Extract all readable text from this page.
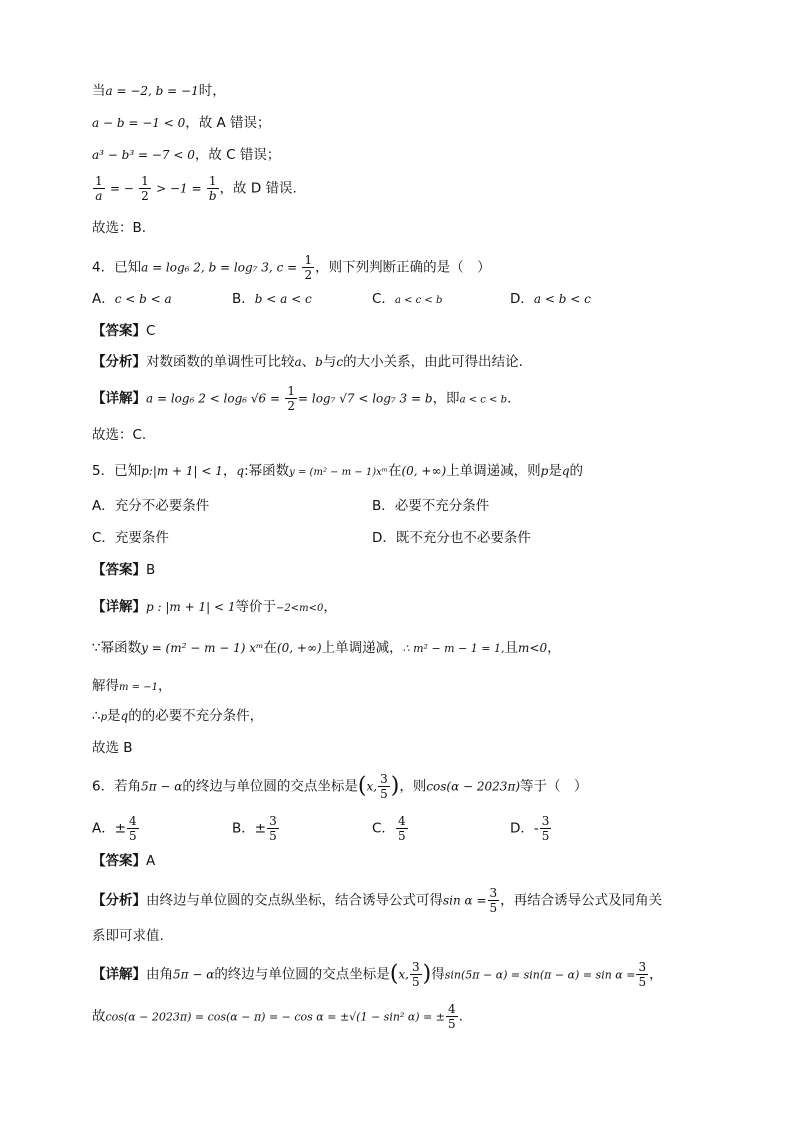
当a = −2, b = −1时，
a − b = −1 < 0，故 A 错误；
a³ − b³ = −7 < 0，故 C 错误；
$\frac{1}{a}$ = − $\frac{1}{2} > -1 = \frac{1}{b}$ ，故 D 错误.
故选：B.
4．已知a = log₆ 2, b = log₇ 3, $c = \frac{1}{2}$ ，则下列判断正确的是（　）
A．c < b < a	B．b < a < c	C．a < c < b	D．a < b < c
【答案】C
【分析】对数函数的单调性可比较a、b与c的大小关系，由此可得出结论.
【详解】a = log₆ 2 < log₆ $√6 = \frac{1}{2} = \log_7$ √7 < log₇ 3 = b，即a < c < b.
故选：C.
5．已知p:|m + 1| < 1，q:幂函数y = (m² − m − 1)xᵐ在(0, +∞)上单调递减，则p是q的
A．充分不必要条件	B．必要不充分条件
C．充要条件	D．既不充分也不必要条件
【答案】B
【详解】p : |m + 1| < 1等价于−2<m<0，
∵幂函数y = (m² − m − 1) xᵐ在(0, +∞)上单调递减，∴ m² − m − 1 = 1,且m<0，
解得m = −1，
∴p是q的的必要不充分条件，
故选 B
6．若角5π − α的终边与单位圆的交点坐标是(x, $\frac{3}{5}$ )，则cos(α − 2023π)等于（　）
A．± $\frac{4}{5}$	B．± $\frac{3}{5}$	C． $\frac{4}{5}$	D．- $\frac{3}{5}$
【答案】A
【分析】由终边与单位圆的交点纵坐标，结合诱导公式可得$\sin \alpha = \frac{3}{5}$ ，再结合诱导公式及同角关
系即可求值.
【详解】由角5π − α的终边与单位圆的交点坐标是(x, $\frac{3}{5}$ )得$\sin(5\pi - \alpha) = \sin(\pi - \alpha) = \sin \alpha = \frac{3}{5}$ ，
故cos(α − 2023π) = cos(α − π) = − cos α = ±√(1 − sin² α) = ± $\frac{4}{5}$ .
